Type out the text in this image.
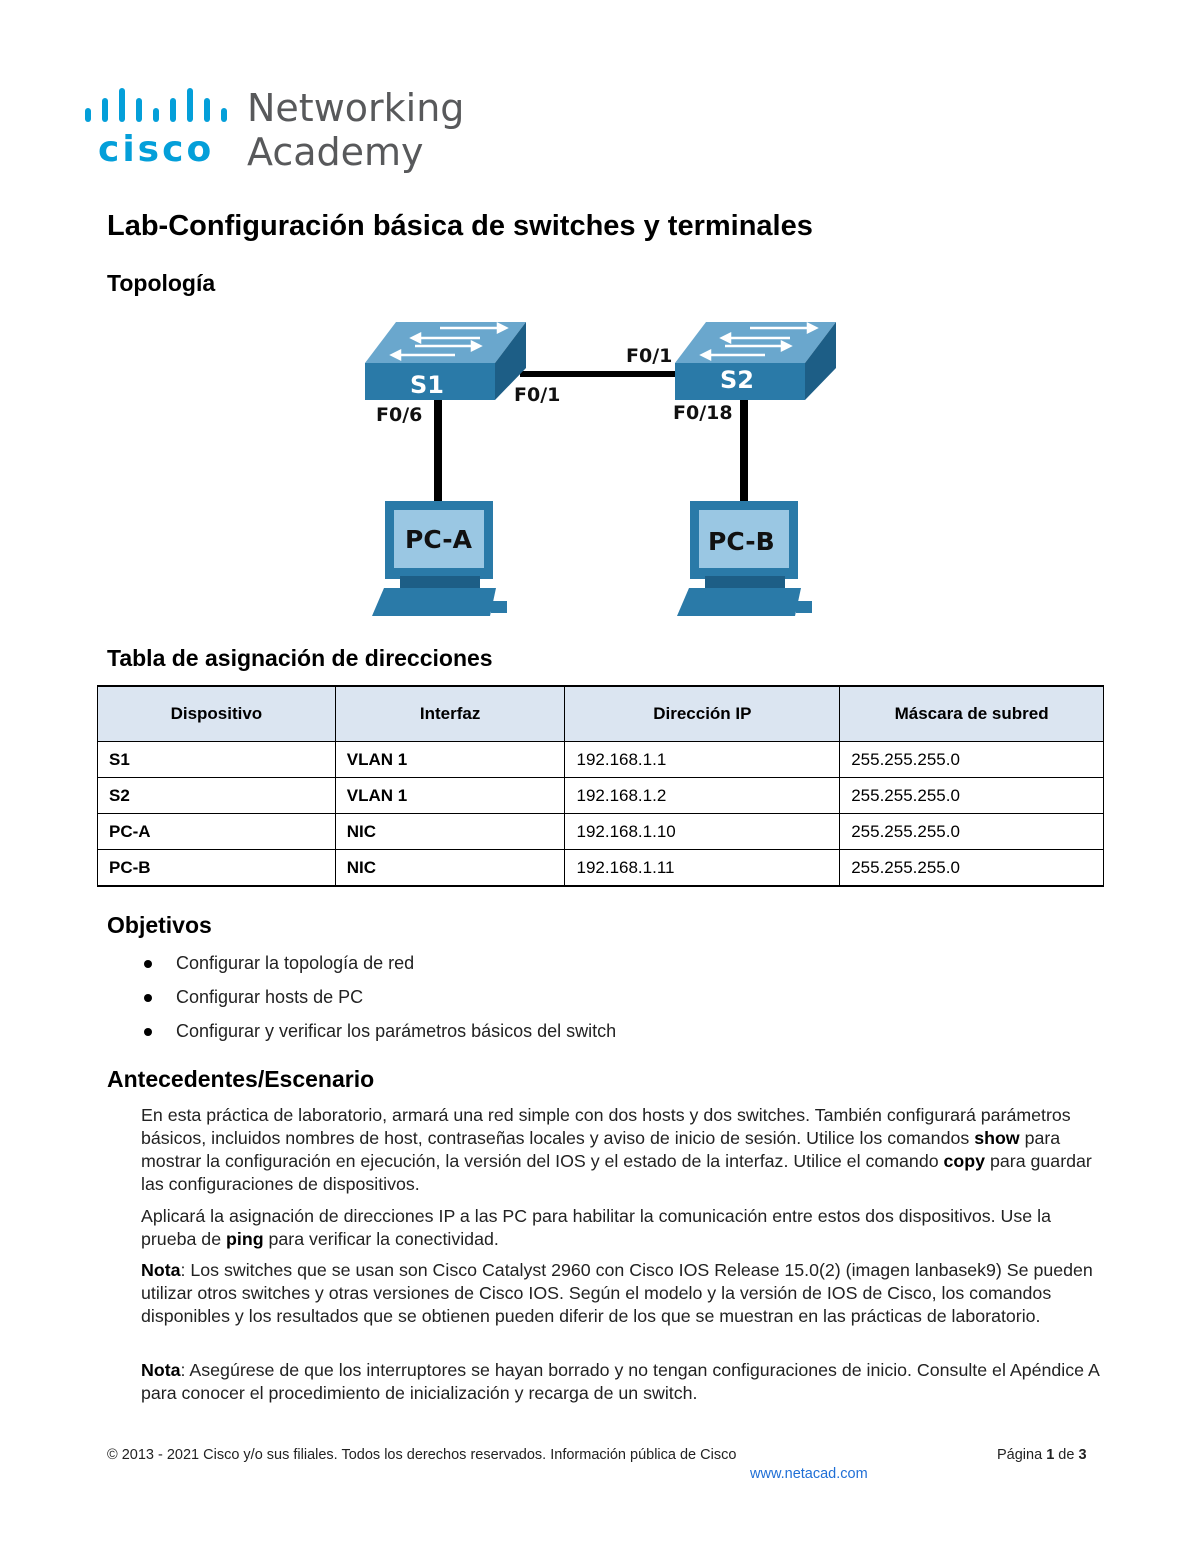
cisco
Networking
Academy
Lab-Configuración básica de switches y terminales
Topología
S1	S2
F0/1
F0/1
F0/6	F0/18
PC-A	PC-B
Tabla de asignación de direcciones
Dispositivo	Interfaz	Dirección IP	Máscara de subred
S1	VLAN 1	192.168.1.1	255.255.255.0
S2	VLAN 1	192.168.1.2	255.255.255.0
PC-A	NIC	192.168.1.10	255.255.255.0
PC-B	NIC	192.168.1.11	255.255.255.0
Objetivos
Configurar la topología de red
Configurar hosts de PC
Configurar y verificar los parámetros básicos del switch
Antecedentes/Escenario

En esta práctica de laboratorio, armará una red simple con dos hosts y dos switches. También configurará parámetros básicos, incluidos nombres de host, contraseñas locales y aviso de inicio de sesión. Utilice los comandos show para mostrar la configuración en ejecución, la versión del IOS y el estado de la interfaz. Utilice el comando copy para guardar las configuraciones de dispositivos.

Aplicará la asignación de direcciones IP a las PC para habilitar la comunicación entre estos dos dispositivos. Use la prueba de ping para verificar la conectividad.

Nota: Los switches que se usan son Cisco Catalyst 2960 con Cisco IOS Release 15.0(2) (imagen lanbasek9) Se pueden utilizar otros switches y otras versiones de Cisco IOS. Según el modelo y la versión de IOS de Cisco, los comandos disponibles y los resultados que se obtienen pueden diferir de los que se muestran en las prácticas de laboratorio.

Nota: Asegúrese de que los interruptores se hayan borrado y no tengan configuraciones de inicio. Consulte el Apéndice A para conocer el procedimiento de inicialización y recarga de un switch.

© 2013 - 2021 Cisco y/o sus filiales. Todos los derechos reservados. Información pública de Cisco	Página 1 de 3
www.netacad.com
